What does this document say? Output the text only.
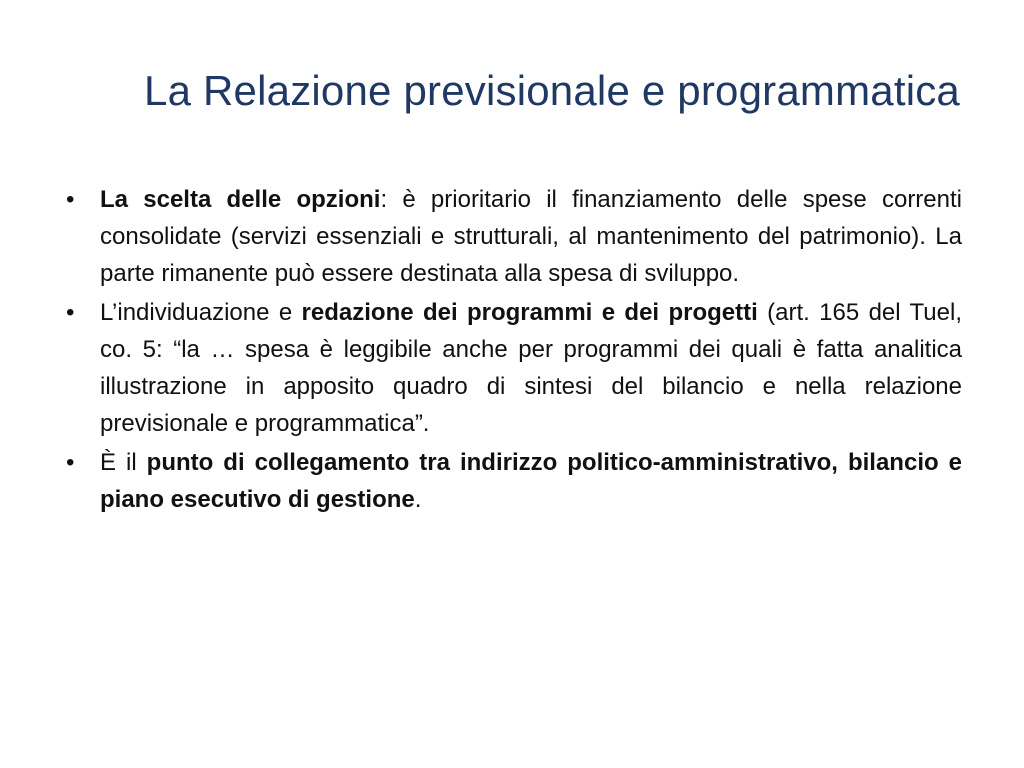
La Relazione previsionale e programmatica
• La scelta delle opzioni: è prioritario il finanziamento delle spese correnti consolidate (servizi essenziali e strutturali, al mantenimento del patrimonio). La parte rimanente può essere destinata alla spesa di sviluppo.
• L’individuazione e redazione dei programmi e dei progetti (art. 165 del Tuel, co. 5: “la … spesa è leggibile anche per programmi dei quali è fatta analitica illustrazione in apposito quadro di sintesi del bilancio e nella relazione previsionale e programmatica”.
• È il punto di collegamento tra indirizzo politico-amministrativo, bilancio e piano esecutivo di gestione.
